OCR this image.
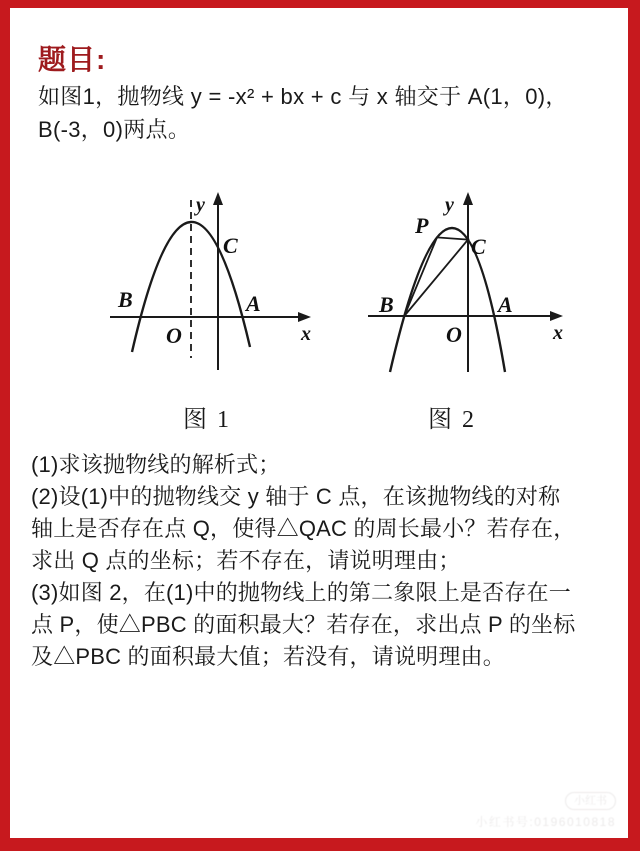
题目:
如图1，抛物线 y = -x² + bx + c 与 x 轴交于 A(1，0)，
B(-3，0)两点。
B	A
C
O
y
x
图 1
P
C
B	A
O
y
x
图 2
(1)求该抛物线的解析式；
(2)设(1)中的抛物线交 y 轴于 C 点，在该抛物线的对称
轴上是否存在点 Q，使得△QAC 的周长最小？若存在，
求出 Q 点的坐标；若不存在，请说明理由；
(3)如图 2，在(1)中的抛物线上的第二象限上是否存在一
点 P，使△PBC 的面积最大？若存在，求出点 P 的坐标
及△PBC 的面积最大值；若没有，请说明理由。
小红书
小红书号:0196010818
